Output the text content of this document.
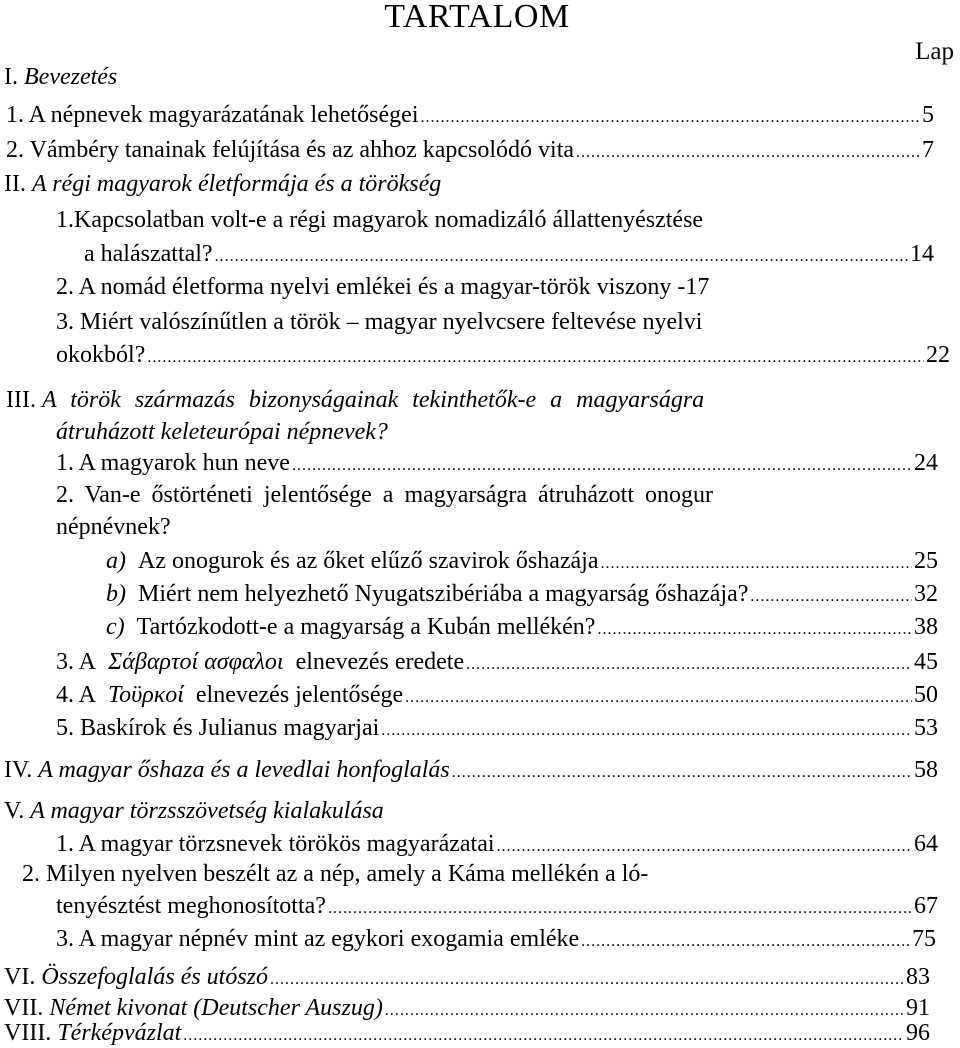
TARTALOM
Lap
I. Bevezetés
1. A népnevek magyarázatának lehetőségei .....	5
2. Vámbéry tanainak felújítása és az ahhoz kapcsolódó vita .....	7
II. A régi magyarok életformája és a törökség
1.Kapcsolatban volt-e a régi magyarok nomadizáló állattenyésztése
a halászattal? .....	14
2. A nomád életforma nyelvi emlékei és a magyar-török viszony -17
3. Miért valószínűtlen a török – magyar nyelvcsere feltevése nyelvi
okokból? .....	22
III. A török származás bizonyságainak tekinthetők-e a magyarságra
átruházott keleteurópai népnevek?
1. A magyarok hun neve .....	24
2. Van-e őstörténeti jelentősége a magyarságra átruházott onogur
népnévnek?
a) Az onogurok és az őket elűző szavirok őshazája .....	25
b) Miért nem helyezhető Nyugatszibériába a magyarság őshazája? .....	32
c) Tartózkodott-e a magyarság a Kubán mellékén? .....	38
3. A Σάβαρτοί ασφαλοι elnevezés eredete .....	45
4. A Τοϋρκοί elnevezés jelentősége .....	50
5. Baskírok és Julianus magyarjai .....	53
IV. A magyar őshaza és a levedlai honfoglalás .....	58
V. A magyar törzsszövetség kialakulása
1. A magyar törzsnevek törökös magyarázatai .....	64
2. Milyen nyelven beszélt az a nép, amely a Káma mellékén a ló-
tenyésztést meghonosította? .....	67
3. A magyar népnév mint az egykori exogamia emléke .....	75
VI. Összefoglalás és utószó .....	83
VII. Német kivonat (Deutscher Auszug) .....	91
VIII. Térképvázlat .....	96
